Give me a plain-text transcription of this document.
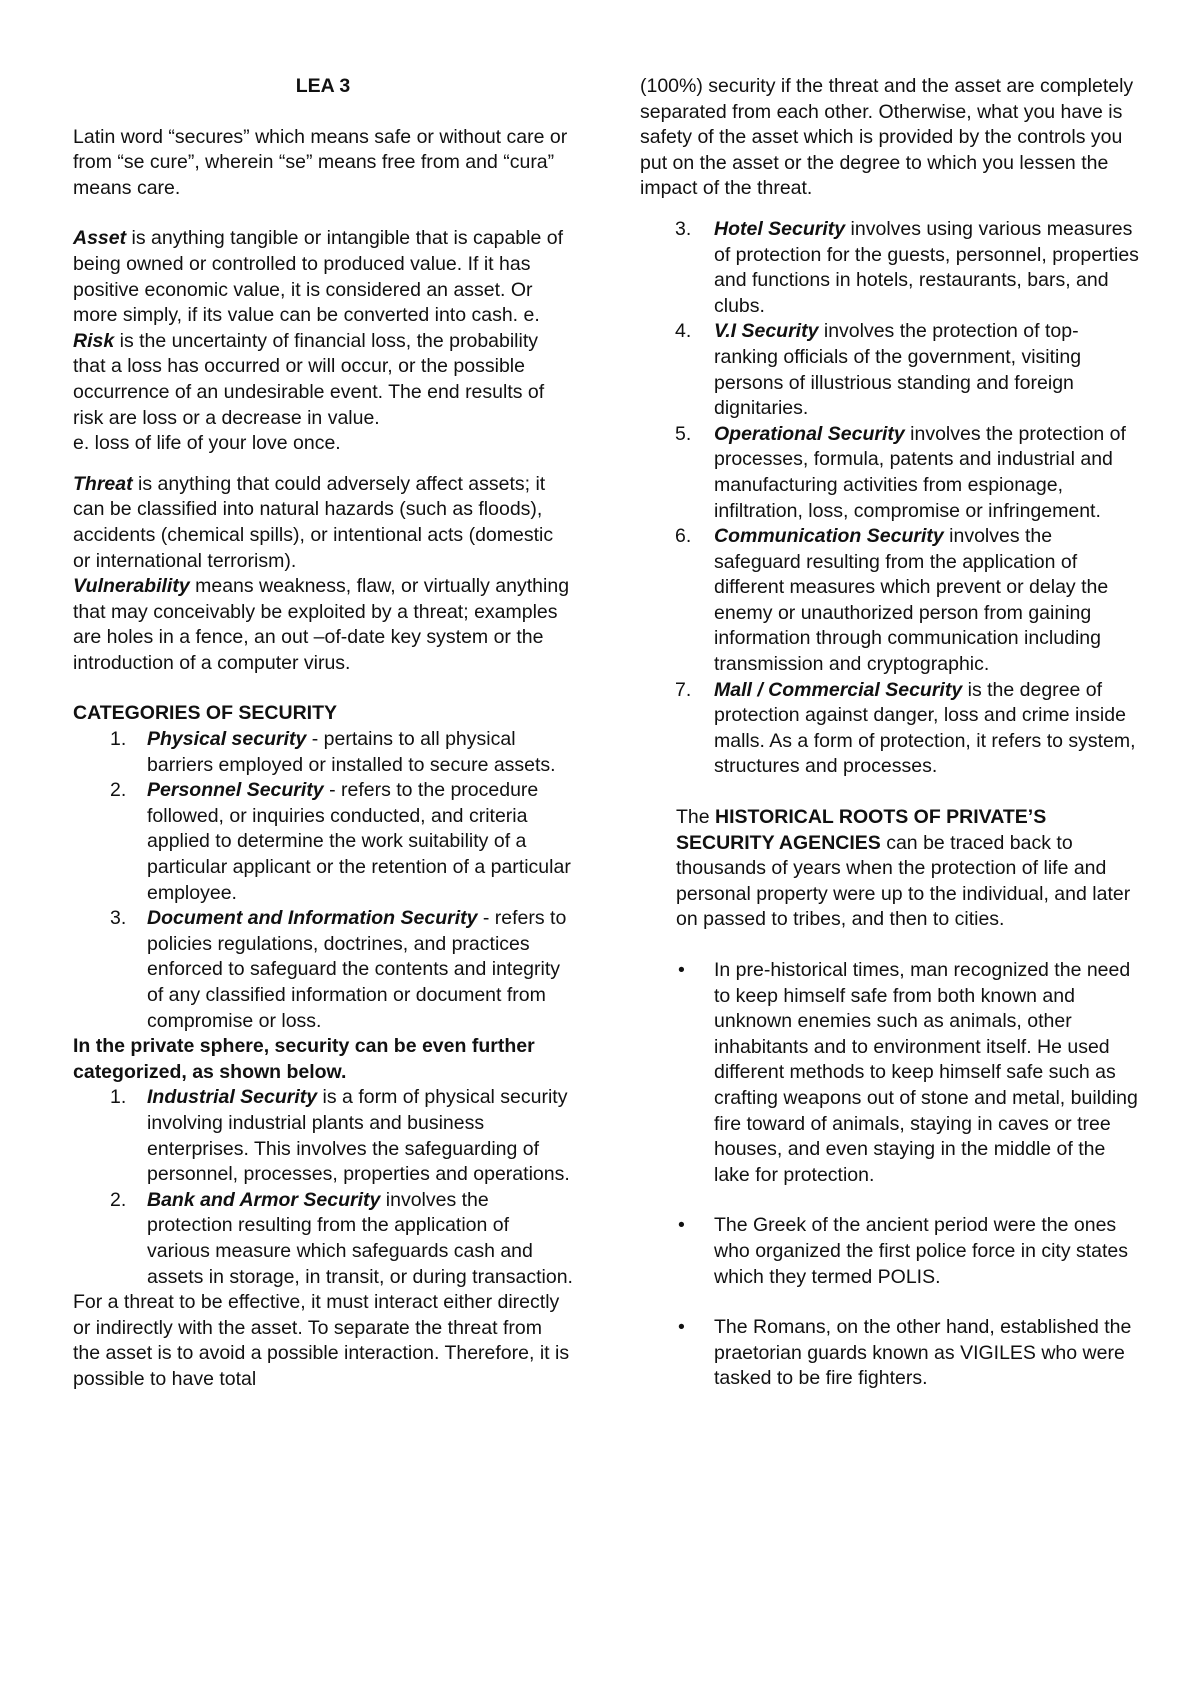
LEA 3

Latin word “secures” which means safe or without care or from “se cure”, wherein “se” means free from and “cura” means care.

Asset is anything tangible or intangible that is capable of being owned or controlled to produced value. If it has positive economic value, it is considered an asset. Or more simply, if its value can be converted into cash. e.

Risk is the uncertainty of financial loss, the probability that a loss has occurred or will occur, or the possible occurrence of an undesirable event. The end results of risk are loss or a decrease in value.

e. loss of life of your love once.

Threat is anything that could adversely affect assets; it can be classified into natural hazards (such as floods), accidents (chemical spills), or intentional acts (domestic or international terrorism).

Vulnerability means weakness, flaw, or virtually anything that may conceivably be exploited by a threat; examples are holes in a fence, an out –of-date key system or the introduction of a computer virus.

CATEGORIES OF SECURITY

1.	Physical security - pertains to all physical barriers employed or installed to secure assets.
2.	Personnel Security - refers to the procedure followed, or inquiries conducted, and criteria applied to determine the work suitability of a particular applicant or the retention of a particular employee.
3.	Document and Information Security - refers to policies regulations, doctrines, and practices enforced to safeguard the contents and integrity of any classified information or document from compromise or loss.

In the private sphere, security can be even further categorized, as shown below.

1.	Industrial Security is a form of physical security involving industrial plants and business enterprises. This involves the safeguarding of personnel, processes, properties and operations.
2.	Bank and Armor Security involves the protection resulting from the application of various measure which safeguards cash and assets in storage, in transit, or during transaction.

For a threat to be effective, it must interact either directly or indirectly with the asset. To separate the threat from the asset is to avoid a possible interaction. Therefore, it is possible to have total

(100%) security if the threat and the asset are completely separated from each other. Otherwise, what you have is safety of the asset which is provided by the controls you put on the asset or the degree to which you lessen the impact of the threat.

3.	Hotel Security involves using various measures of protection for the guests, personnel, properties and functions in hotels, restaurants, bars, and clubs.
4.	V.I Security involves the protection of top-ranking officials of the government, visiting persons of illustrious standing and foreign dignitaries.
5.	Operational Security involves the protection of processes, formula, patents and industrial and manufacturing activities from espionage, infiltration, loss, compromise or infringement.
6.	Communication Security involves the safeguard resulting from the application of different measures which prevent or delay the enemy or unauthorized person from gaining information through communication including transmission and cryptographic.
7.	Mall / Commercial Security is the degree of protection against danger, loss and crime inside malls. As a form of protection, it refers to system, structures and processes.

The HISTORICAL ROOTS OF PRIVATE’S SECURITY AGENCIES can be traced back to thousands of years when the protection of life and personal property were up to the individual, and later on passed to tribes, and then to cities.

• In pre-historical times, man recognized the need to keep himself safe from both known and unknown enemies such as animals, other inhabitants and to environment itself. He used different methods to keep himself safe such as crafting weapons out of stone and metal, building fire toward of animals, staying in caves or tree houses, and even staying in the middle of the lake for protection.
• The Greek of the ancient period were the ones who organized the first police force in city states which they termed POLIS.
• The Romans, on the other hand, established the praetorian guards known as VIGILES who were tasked to be fire fighters.
